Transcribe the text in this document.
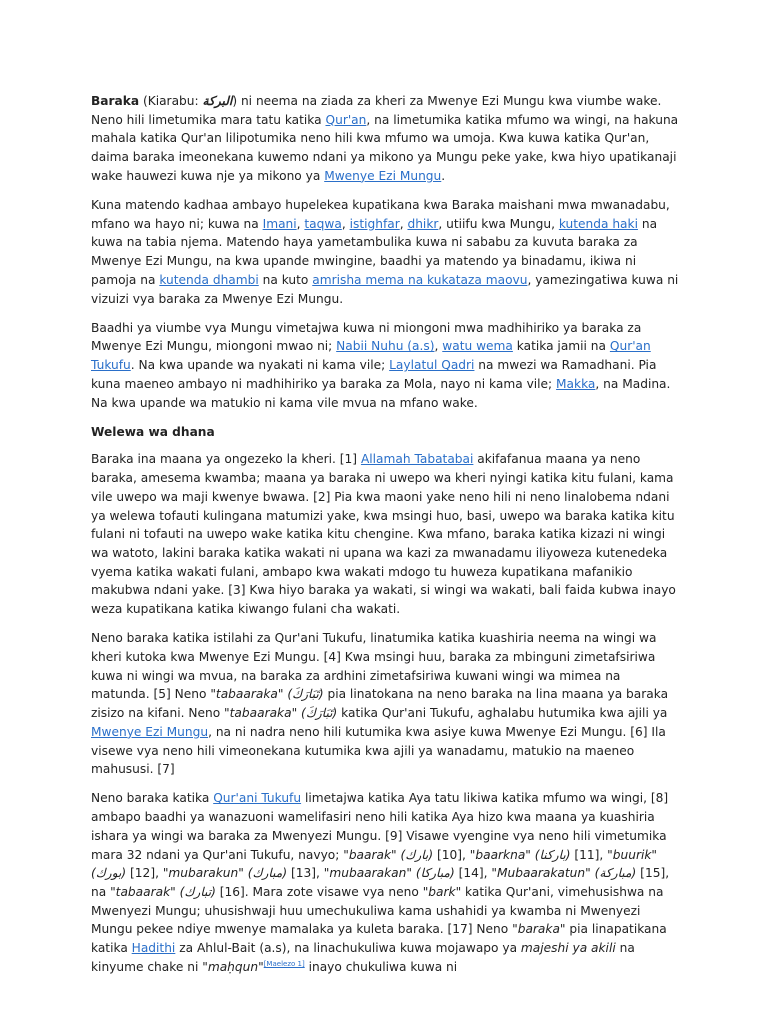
Baraka (Kiarabu: البركة) ni neema na ziada za kheri za Mwenye Ezi Mungu kwa viumbe wake. Neno hili limetumika mara tatu katika Qur'an, na limetumika katika mfumo wa wingi, na hakuna mahala katika Qur'an lilipotumika neno hili kwa mfumo wa umoja. Kwa kuwa katika Qur'an, daima baraka imeonekana kuwemo ndani ya mikono ya Mungu peke yake, kwa hiyo upatikanaji wake hauwezi kuwa nje ya mikono ya Mwenye Ezi Mungu.

Kuna matendo kadhaa ambayo hupelekea kupatikana kwa Baraka maishani mwa mwanadabu, mfano wa hayo ni; kuwa na Imani, taqwa, istighfar, dhikr, utiifu kwa Mungu, kutenda haki na kuwa na tabia njema. Matendo haya yametambulika kuwa ni sababu za kuvuta baraka za Mwenye Ezi Mungu, na kwa upande mwingine, baadhi ya matendo ya binadamu, ikiwa ni pamoja na kutenda dhambi na kuto amrisha mema na kukataza maovu, yamezingatiwa kuwa ni vizuizi vya baraka za Mwenye Ezi Mungu.

Baadhi ya viumbe vya Mungu vimetajwa kuwa ni miongoni mwa madhihiriko ya baraka za Mwenye Ezi Mungu, miongoni mwao ni; Nabii Nuhu (a.s), watu wema katika jamii na Qur'an Tukufu. Na kwa upande wa nyakati ni kama vile; Laylatul Qadri na mwezi wa Ramadhani. Pia kuna maeneo ambayo ni madhihiriko ya baraka za Mola, nayo ni kama vile; Makka, na Madina. Na kwa upande wa matukio ni kama vile mvua na mfano wake.

Welewa wa dhana

Baraka ina maana ya ongezeko la kheri. [1] Allamah Tabatabai akifafanua maana ya neno baraka, amesema kwamba; maana ya baraka ni uwepo wa kheri nyingi katika kitu fulani, kama vile uwepo wa maji kwenye bwawa. [2] Pia kwa maoni yake neno hili ni neno linalobema ndani ya welewa tofauti kulingana matumizi yake, kwa msingi huo, basi, uwepo wa baraka katika kitu fulani ni tofauti na uwepo wake katika kitu chengine. Kwa mfano, baraka katika kizazi ni wingi wa watoto, lakini baraka katika wakati ni upana wa kazi za mwanadamu iliyoweza kutenedeka vyema katika wakati fulani, ambapo kwa wakati mdogo tu huweza kupatikana mafanikio makubwa ndani yake. [3] Kwa hiyo baraka ya wakati, si wingi wa wakati, bali faida kubwa inayo weza kupatikana katika kiwango fulani cha wakati.

Neno baraka katika istilahi za Qur'ani Tukufu, linatumika katika kuashiria neema na wingi wa kheri kutoka kwa Mwenye Ezi Mungu. [4] Kwa msingi huu, baraka za mbinguni zimetafsiriwa kuwa ni wingi wa mvua, na baraka za ardhini zimetafsiriwa kuwani wingi wa mimea na matunda. [5] Neno "tabaaraka" (تَبَارَكَ) pia linatokana na neno baraka na lina maana ya baraka zisizo na kifani. Neno "tabaaraka" (تَبَارَكَ) katika Qur'ani Tukufu, aghalabu hutumika kwa ajili ya Mwenye Ezi Mungu, na ni nadra neno hili kutumika kwa asiye kuwa Mwenye Ezi Mungu. [6] Ila visewe vya neno hili vimeonekana kutumika kwa ajili ya wanadamu, matukio na maeneo mahususi. [7]

Neno baraka katika Qur'ani Tukufu limetajwa katika Aya tatu likiwa katika mfumo wa wingi, [8] ambapo baadhi ya wanazuoni wamelifasiri neno hili katika Aya hizo kwa maana ya kuashiria ishara ya wingi wa baraka za Mwenyezi Mungu. [9] Visawe vyengine vya neno hili vimetumika mara 32 ndani ya Qur'ani Tukufu, navyo; "baarak" (بارك) [10], "baarkna" (باركنا) [11], "buurik" (بورك) [12], "mubarakun" (مبارك) [13], "mubaarakan" (مباركا) [14], "Mubaarakatun" (مباركة) [15], na "tabaarak" (تبارك) [16]. Mara zote visawe vya neno "bark" katika Qur'ani, vimehusishwa na Mwenyezi Mungu; uhusishwaji huu umechukuliwa kama ushahidi ya kwamba ni Mwenyezi Mungu pekee ndiye mwenye mamalaka ya kuleta baraka. [17] Neno "baraka" pia linapatikana katika Hadithi za Ahlul-Bait (a.s), na linachukuliwa kuwa mojawapo ya majeshi ya akili na kinyume chake ni "maḥqun"[Maelezo 1] inayo chukuliwa kuwa ni
